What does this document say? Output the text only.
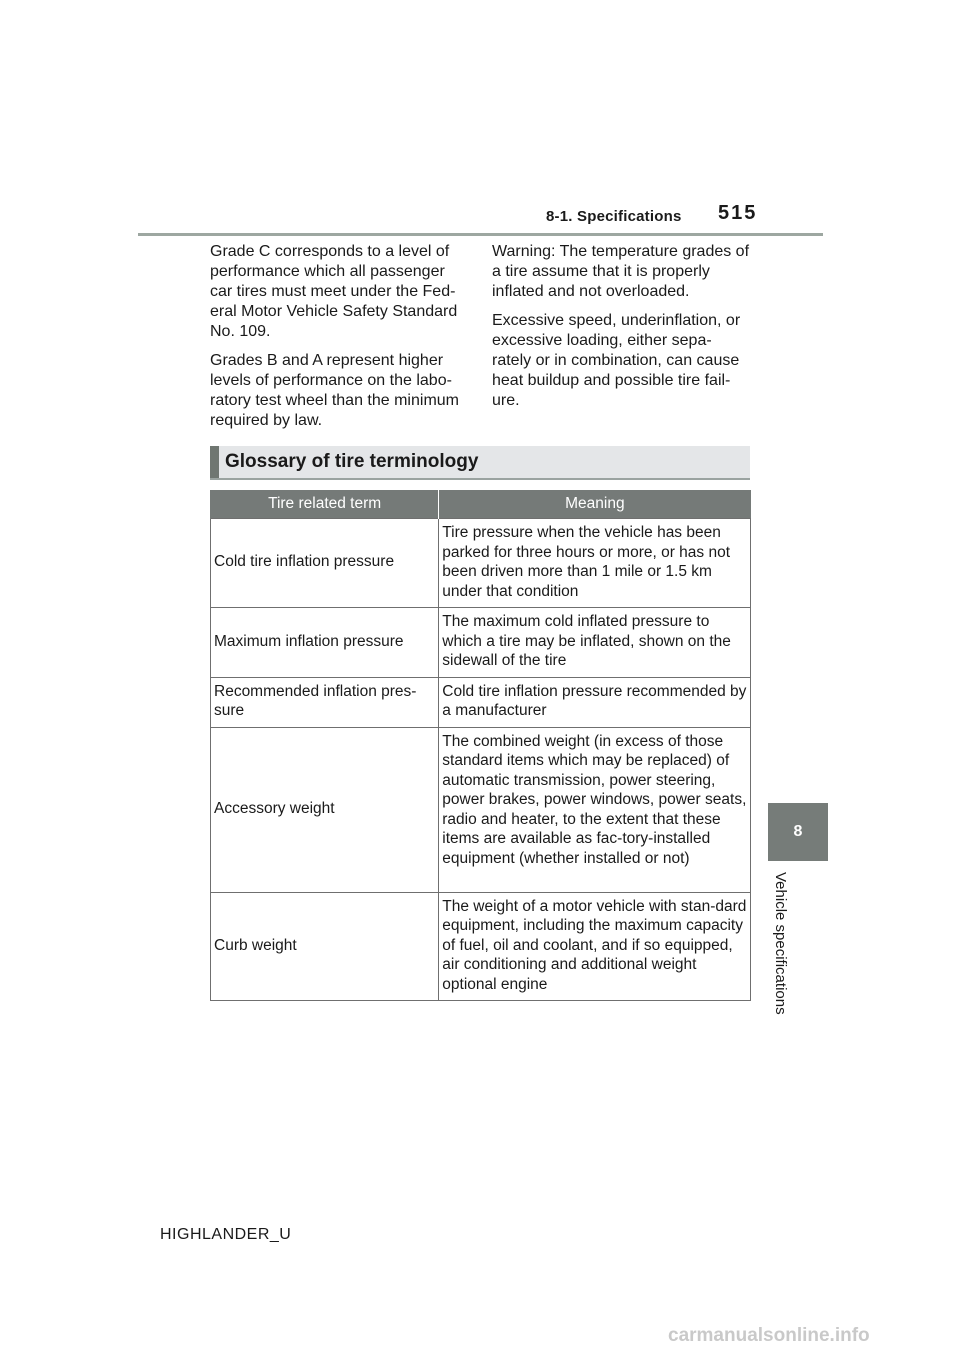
8-1. Specifications 515

Grade C corresponds to a level of performance which all passenger car tires must meet under the Fed-eral Motor Vehicle Safety Standard No. 109.

Grades B and A represent higher levels of performance on the labo-ratory test wheel than the minimum required by law.

Warning: The temperature grades of a tire assume that it is properly inflated and not overloaded.

Excessive speed, underinflation, or excessive loading, either sepa-rately or in combination, can cause heat buildup and possible tire fail-ure.

Glossary of tire terminology
Tire related term	Meaning
Cold tire inflation pressure	Tire pressure when the vehicle has been parked for three hours or more, or has not been driven more than 1 mile or 1.5 km under that condition
Maximum inflation pressure	The maximum cold inflated pressure to which a tire may be inflated, shown on the sidewall of the tire
Recommended inflation pres-sure	Cold tire inflation pressure recommended by a manufacturer
Accessory weight	The combined weight (in excess of those standard items which may be replaced) of automatic transmission, power steering, power brakes, power windows, power seats, radio and heater, to the extent that these items are available as fac-tory-installed equipment (whether installed or not)
Curb weight	The weight of a motor vehicle with stan-dard equipment, including the maximum capacity of fuel, oil and coolant, and if so equipped, air conditioning and additional weight optional engine
8
Vehicle specifications
HIGHLANDER_U
carmanualsonline.info
